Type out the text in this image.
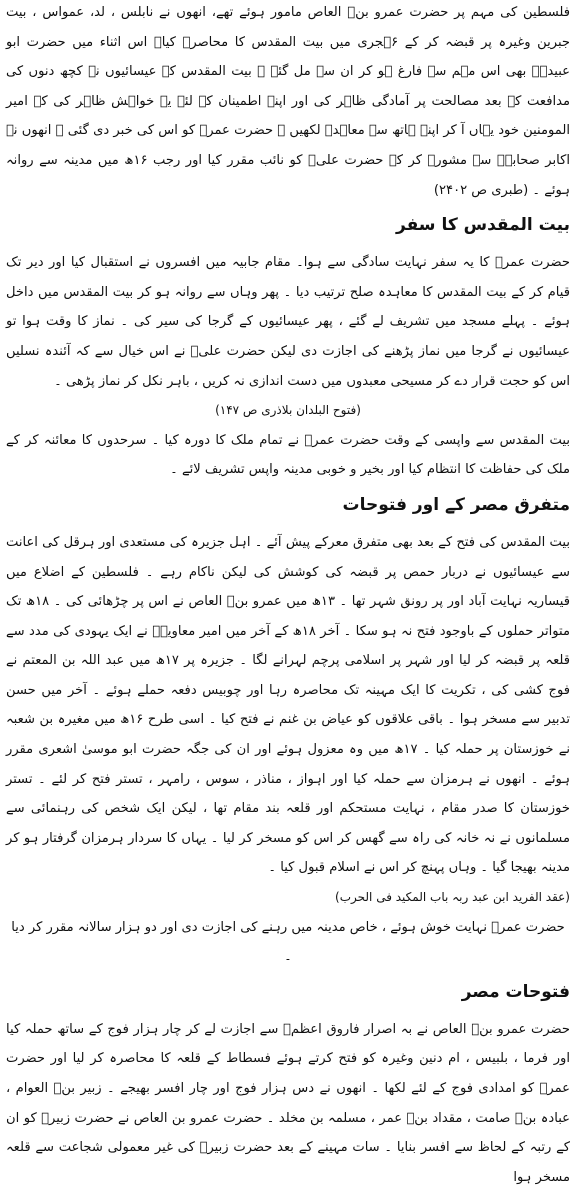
فلسطین کی مہم پر حضرت عمرو بنؓ العاص مامور ہوئے تھے، انھوں نے نابلس ، لد، عمواس ، بیت جبرین وغیرہ پر قبضہ کر کے ۶ہجری میں بیت المقدس کا محاصرہ کیا۔ اس اثناء میں حضرت ابو عبیدہؓ بھی اس مہم سے فارغ ہو کر ان سے مل گئے ۔ بیت المقدس کے عیسائیوں نے کچھ دنوں کی مدافعت کے بعد مصالحت پر آمادگی ظاہر کی اور اپنے اطمینان کے لئے یہ خواہش ظاہر کی کہ امیر المومنین خود یہاں آ کر اپنے ہاتھ سے معاہدہ لکھیں ۔ حضرت عمرؓ کو اس کی خبر دی گئی ۔ انھوں نے اکابر صحابہؓ سے مشورہ کر کے حضرت علیؓ کو نائب مقرر کیا اور رجب ۱۶ھ میں مدینہ سے روانہ ہوئے ۔ (طبری ص ۲۴۰۲)

بیت المقدس کا سفر

حضرت عمرؓ کا یہ سفر نہایت سادگی سے ہوا۔ مقام جابیہ میں افسروں نے استقبال کیا اور دیر تک قیام کر کے بیت المقدس کا معاہدہ صلح ترتیب دیا ۔ پھر وہاں سے روانہ ہو کر بیت المقدس میں داخل ہوئے ۔ پہلے مسجد میں تشریف لے گئے ، پھر عیسائیوں کے گرجا کی سیر کی ۔ نماز کا وقت ہوا تو عیسائیوں نے گرجا میں نماز پڑھنے کی اجازت دی لیکن حضرت علیؓ نے اس خیال سے کہ آئندہ نسلیں اس کو حجت قرار دے کر مسیحی معبدوں میں دست اندازی نہ کریں ، باہر نکل کر نماز پڑھی ۔

(فتوح البلدان بلاذری ص ۱۴۷)

بیت المقدس سے واپسی کے وقت حضرت عمرؓ نے تمام ملک کا دورہ کیا ۔ سرحدوں کا معائنہ کر کے ملک کی حفاظت کا انتظام کیا اور بخیر و خوبی مدینہ واپس تشریف لائے ۔

متفرق مصر کے اور فتوحات

بیت المقدس کی فتح کے بعد بھی متفرق معرکے پیش آئے ۔ اہل جزیرہ کی مستعدی اور ہرقل کی اعانت سے عیسائیوں نے دربار حمص پر قبضہ کی کوشش کی لیکن ناکام رہے ۔ فلسطین کے اضلاع میں قیساریہ نہایت آباد اور پر رونق شہر تھا ۔ ۱۳ھ میں عمرو بنؓ العاص نے اس پر چڑھائی کی ۔ ۱۸ھ تک متواتر حملوں کے باوجود فتح نہ ہو سکا ۔ آخر ۱۸ھ کے آخر میں امیر معاویہؓ نے ایک یہودی کی مدد سے قلعہ پر قبضہ کر لیا اور شہر پر اسلامی پرچم لہرانے لگا ۔ جزیرہ پر ۱۷ھ میں عبد اللہ بن المعتم نے فوج کشی کی ، تکریت کا ایک مہینہ تک محاصرہ رہا اور چوبیس دفعہ حملے ہوئے ۔ آخر میں حسن تدبیر سے مسخر ہوا ۔ باقی علاقوں کو عیاض بن غنم نے فتح کیا ۔ اسی طرح ۱۶ھ میں مغیرہ بن شعبہ نے خوزستان پر حملہ کیا ۔ ۱۷ھ میں وہ معزول ہوئے اور ان کی جگہ حضرت ابو موسیٰ اشعری مقرر ہوئے ۔ انھوں نے ہرمزان سے حملہ کیا اور اہواز ، مناذر ، سوس ، رامہر ، تستر فتح کر لئے ۔ تستر خوزستان کا صدر مقام ، نہایت مستحکم اور قلعہ بند مقام تھا ، لیکن ایک شخص کی رہنمائی سے مسلمانوں نے نہ خانہ کی راہ سے گھس کر اس کو مسخر کر لیا ۔ یہاں کا سردار ہرمزان گرفتار ہو کر مدینہ بھیجا گیا ۔ وہاں پہنچ کر اس نے اسلام قبول کیا ۔

(عقد الفرید ابن عبد ربہ باب المکید فی الحرب)

حضرت عمرؓ نہایت خوش ہوئے ، خاص مدینہ میں رہنے کی اجازت دی اور دو ہزار سالانہ مقرر کر دیا ۔

فتوحات مصر

حضرت عمرو بنؓ العاص نے بہ اصرار فاروق اعظمؓ سے اجازت لے کر چار ہزار فوج کے ساتھ حملہ کیا اور فرما ، بلبیس ، ام دنین وغیرہ کو فتح کرتے ہوئے فسطاط کے قلعہ کا محاصرہ کر لیا اور حضرت عمرؓ کو امدادی فوج کے لئے لکھا ۔ انھوں نے دس ہزار فوج اور چار افسر بھیجے ۔ زبیر بنؓ العوام ، عبادہ بنؓ صامت ، مقداد بنؓ عمر ، مسلمہ بن مخلد ۔ حضرت عمرو بن العاص نے حضرت زبیرؓ کو ان کے رتبہ کے لحاظ سے افسر بنایا ۔ سات مہینے کے بعد حضرت زبیرؓ کی غیر معمولی شجاعت سے قلعہ مسخر ہوا
